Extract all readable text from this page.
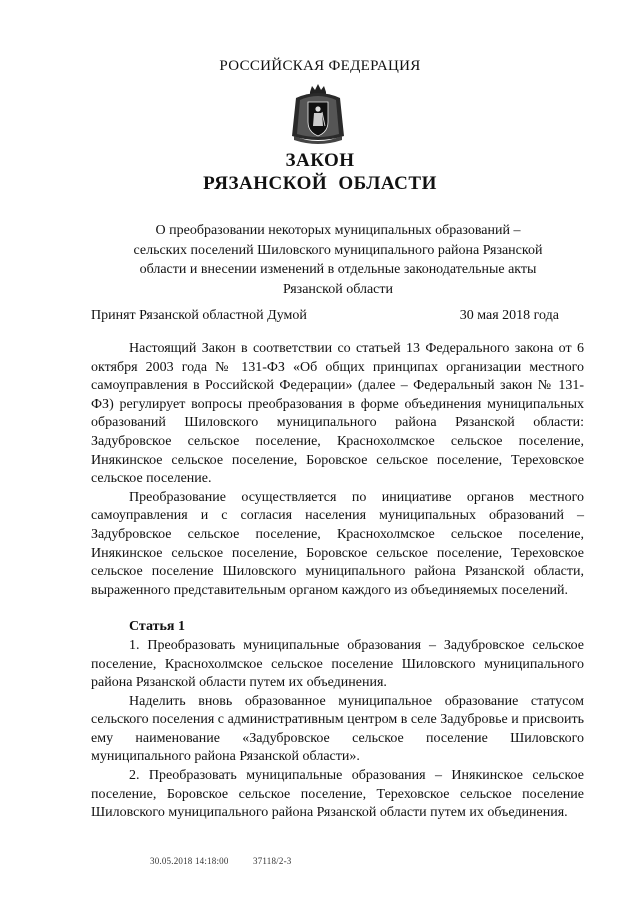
РОССИЙСКАЯ ФЕДЕРАЦИЯ
ЗАКОН
РЯЗАНСКОЙ ОБЛАСТИ
О преобразовании некоторых муниципальных образований –
сельских поселений Шиловского муниципального района Рязанской
области и внесении изменений в отдельные законодательные акты
Рязанской области
Принят Рязанской областной Думой	30 мая 2018 года

Настоящий Закон в соответствии со статьей 13 Федерального закона от 6 октября 2003 года № 131-ФЗ «Об общих принципах организации местного самоуправления в Российской Федерации» (далее – Федеральный закон № 131-ФЗ) регулирует вопросы преобразования в форме объединения муниципальных образований Шиловского муниципального района Рязанской области: Задубровское сельское поселение, Краснохолмское сельское поселение, Инякинское сельское поселение, Боровское сельское поселение, Тереховское сельское поселение.

Преобразование осуществляется по инициативе органов местного самоуправления и с согласия населения муниципальных образований – Задубровское сельское поселение, Краснохолмское сельское поселение, Инякинское сельское поселение, Боровское сельское поселение, Тереховское сельское поселение Шиловского муниципального района Рязанской области, выраженного представительным органом каждого из объединяемых поселений.

Статья 1

1. Преобразовать муниципальные образования – Задубровское сельское поселение, Краснохолмское сельское поселение Шиловского муниципального района Рязанской области путем их объединения.

Наделить вновь образованное муниципальное образование статусом сельского поселения с административным центром в селе Задубровье и присвоить ему наименование «Задубровское сельское поселение Шиловского муниципального района Рязанской области».

2. Преобразовать муниципальные образования – Инякинское сельское поселение, Боровское сельское поселение, Тереховское сельское поселение Шиловского муниципального района Рязанской области путем их объединения.

30.05.2018 14:18:00	37118/2-3
